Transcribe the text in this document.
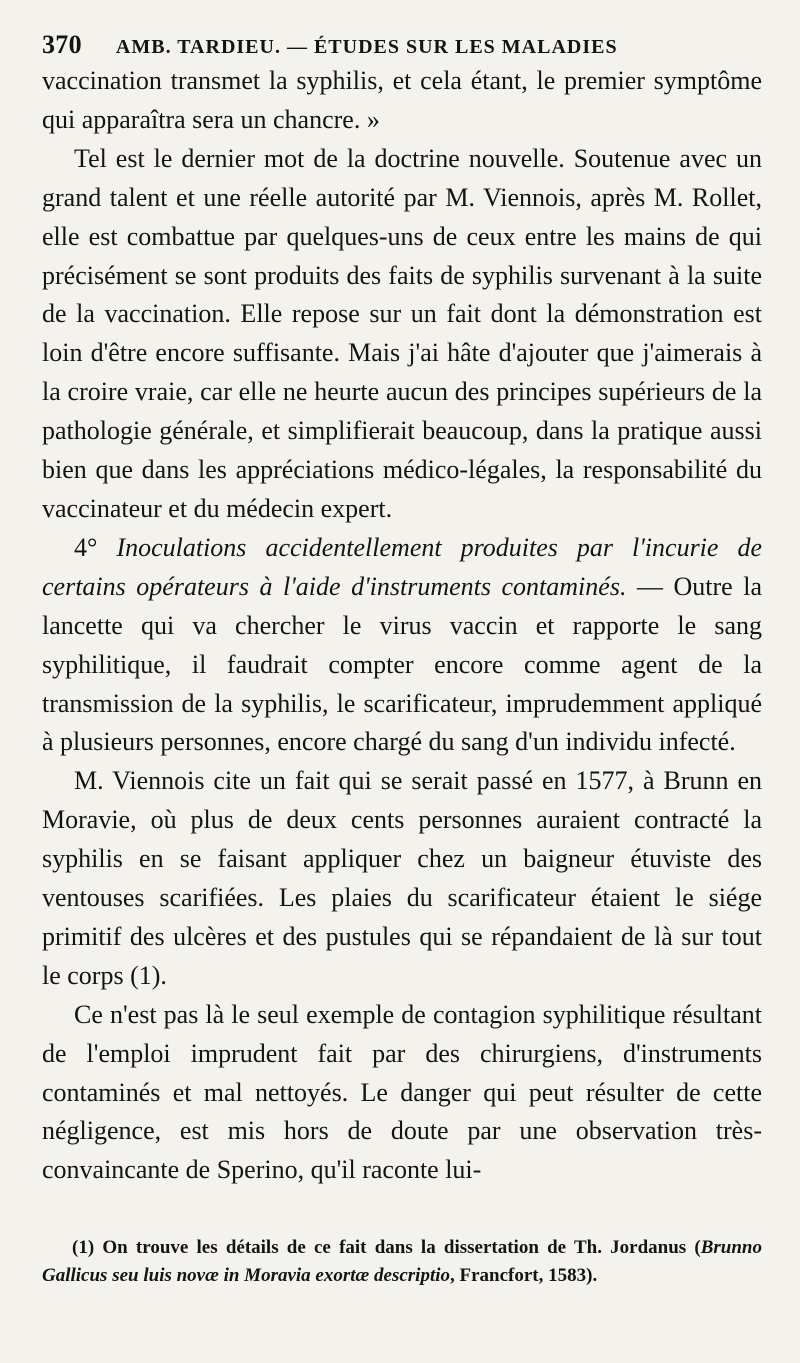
370 AMB. TARDIEU. — ÉTUDES SUR LES MALADIES

vaccination transmet la syphilis, et cela étant, le premier symptôme qui apparaîtra sera un chancre. »

Tel est le dernier mot de la doctrine nouvelle. Soutenue avec un grand talent et une réelle autorité par M. Viennois, après M. Rollet, elle est combattue par quelques-uns de ceux entre les mains de qui précisément se sont produits des faits de syphilis survenant à la suite de la vaccination. Elle repose sur un fait dont la démonstration est loin d'être encore suffisante. Mais j'ai hâte d'ajouter que j'aimerais à la croire vraie, car elle ne heurte aucun des principes supérieurs de la pathologie générale, et simplifierait beaucoup, dans la pratique aussi bien que dans les appréciations médico-légales, la responsabilité du vaccinateur et du médecin expert.

4° Inoculations accidentellement produites par l'incurie de certains opérateurs à l'aide d'instruments contaminés. — Outre la lancette qui va chercher le virus vaccin et rapporte le sang syphilitique, il faudrait compter encore comme agent de la transmission de la syphilis, le scarificateur, imprudemment appliqué à plusieurs personnes, encore chargé du sang d'un individu infecté.

M. Viennois cite un fait qui se serait passé en 1577, à Brunn en Moravie, où plus de deux cents personnes auraient contracté la syphilis en se faisant appliquer chez un baigneur étuviste des ventouses scarifiées. Les plaies du scarificateur étaient le siége primitif des ulcères et des pustules qui se répandaient de là sur tout le corps (1).

Ce n'est pas là le seul exemple de contagion syphilitique résultant de l'emploi imprudent fait par des chirurgiens, d'instruments contaminés et mal nettoyés. Le danger qui peut résulter de cette négligence, est mis hors de doute par une observation très-convaincante de Sperino, qu'il raconte lui-

(1) On trouve les détails de ce fait dans la dissertation de Th. Jordanus (Brunno Gallicus seu luis novæ in Moravia exortæ descriptio, Francfort, 1583).
